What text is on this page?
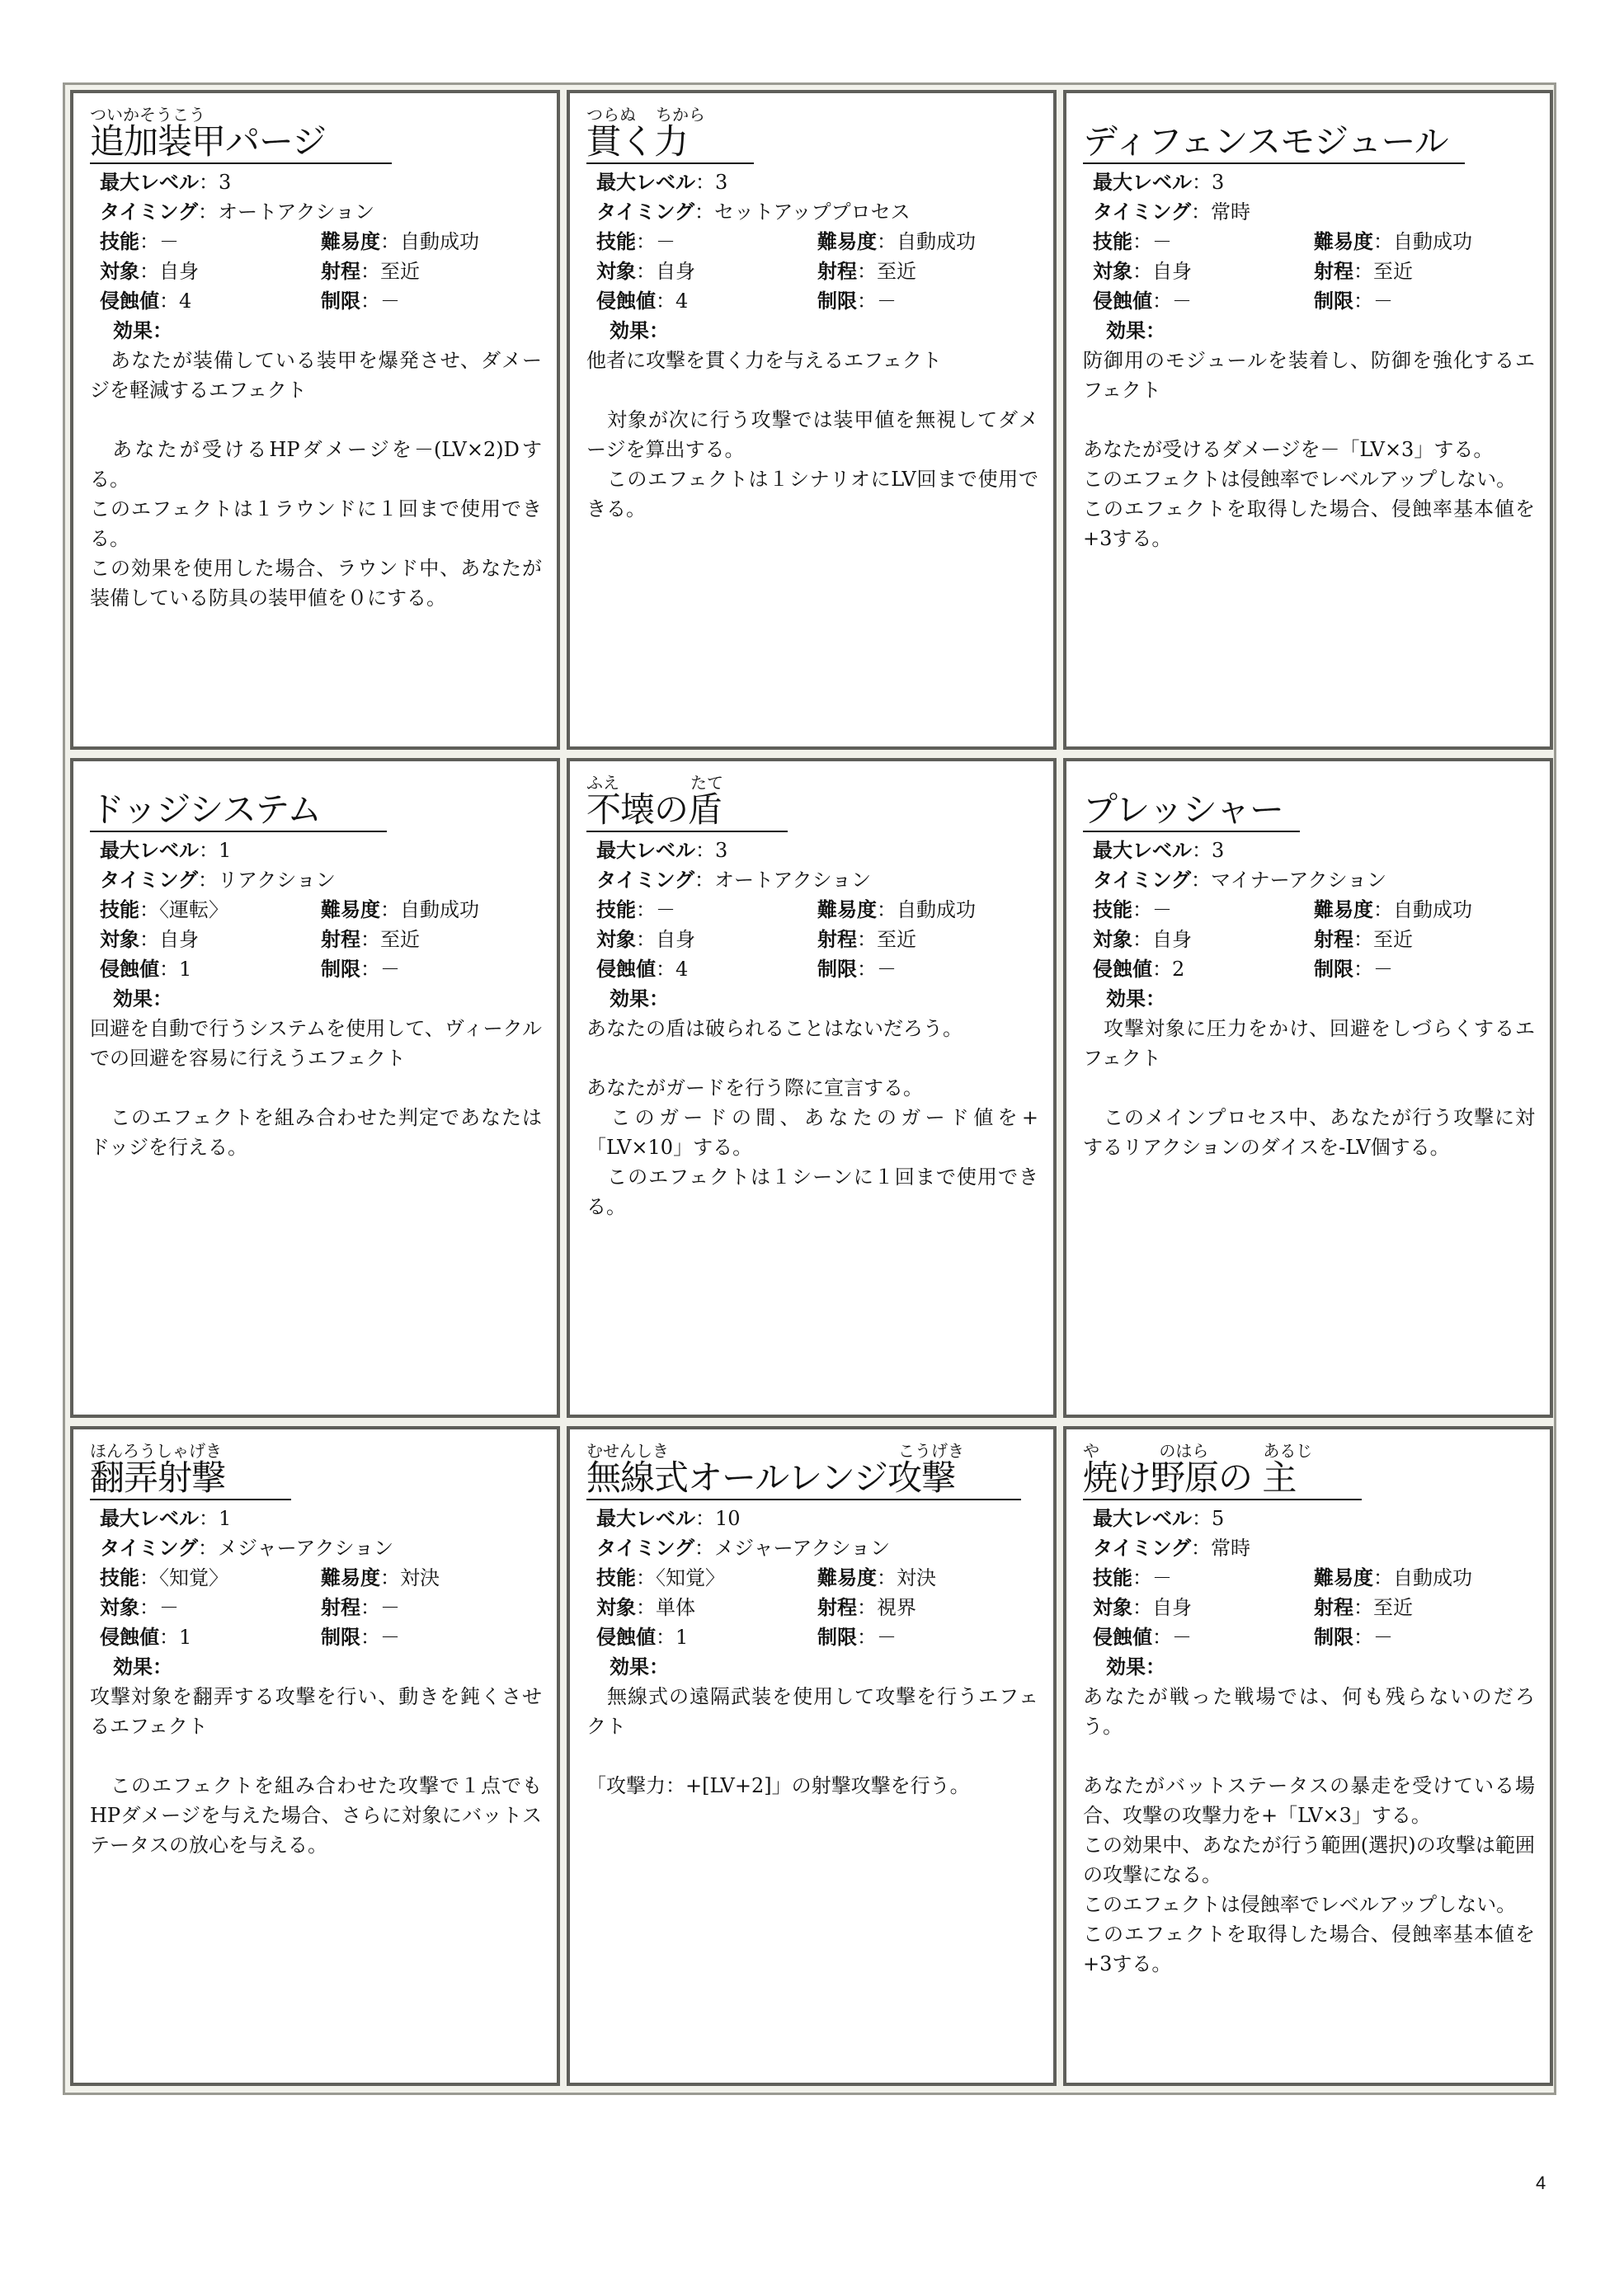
ついかそうこう
追加装甲パージ
最大レベル ： 3
タイミング ： オートアクション
技能：－	難易度：自動成功
対象：自身	射程：至近
侵蝕値：4	制限：－
効果：

　あなたが装備している装甲を爆発させ、ダメージを軽減するエフェクト

　あなたが受けるHPダメージを－(LV×2)Dする。

このエフェクトは１ラウンドに１回まで使用できる。

この効果を使用した場合、ラウンド中、あなたが装備している防具の装甲値を０にする。

つらぬ ちから
貫く力
最大レベル ： 3
タイミング ： セットアッププロセス
技能：－	難易度：自動成功
対象：自身	射程：至近
侵蝕値：4	制限：－
効果：

他者に攻撃を貫く力を与えるエフェクト

　対象が次に行う攻撃では装甲値を無視してダメージを算出する。

　このエフェクトは１シナリオにLV回まで使用できる。

ディフェンスモジュール
最大レベル ： 3
タイミング ： 常時
技能：－	難易度：自動成功
対象：自身	射程：至近
侵蝕値：－	制限：－
効果：

防御用のモジュールを装着し、防御を強化するエフェクト

あなたが受けるダメージを－「LV×3」する。

このエフェクトは侵蝕率でレベルアップしない。

このエフェクトを取得した場合、侵蝕率基本値を+3する。

ドッジシステム
最大レベル ： 1
タイミング ： リアクション
技能：〈運転〉	難易度：自動成功
対象：自身	射程：至近
侵蝕値：1	制限：－
効果：

回避を自動で行うシステムを使用して、ヴィークルでの回避を容易に行えうエフェクト

　このエフェクトを組み合わせた判定であなたはドッジを行える。

ふえ	たて
不壊の盾
最大レベル ： 3
タイミング ： オートアクション
技能：－	難易度：自動成功
対象：自身	射程：至近
侵蝕値：4	制限：－
効果：

あなたの盾は破られることはないだろう。

あなたがガードを行う際に宣言する。

　このガードの間、あなたのガード値を+「LV×10」する。

　このエフェクトは１シーンに１回まで使用できる。

プレッシャー
最大レベル ： 3
タイミング ： マイナーアクション
技能：－	難易度：自動成功
対象：自身	射程：至近
侵蝕値：2	制限：－
効果：

　攻撃対象に圧力をかけ、回避をしづらくするエフェクト

　このメインプロセス中、あなたが行う攻撃に対するリアクションのダイスを-LV個する。

ほんろうしゃげき
翻弄射撃
最大レベル ： 1
タイミング ： メジャーアクション
技能：〈知覚〉	難易度：対決
対象：－	射程：－
侵蝕値：1	制限：－
効果：

攻撃対象を翻弄する攻撃を行い、動きを鈍くさせるエフェクト

　このエフェクトを組み合わせた攻撃で１点でもHPダメージを与えた場合、さらに対象にバットステータスの放心を与える。

むせんしき	こうげき
無線式オールレンジ攻撃
最大レベル ： 10
タイミング ： メジャーアクション
技能：〈知覚〉	難易度：対決
対象：単体	射程：視界
侵蝕値：1	制限：－
効果：

　無線式の遠隔武装を使用して攻撃を行うエフェクト

「攻撃力：+[LV+2]」の射撃攻撃を行う。

や	のはら	あるじ
焼け野原の 主
最大レベル ： 5
タイミング ： 常時
技能：－	難易度：自動成功
対象：自身	射程：至近
侵蝕値：－	制限：－
効果：

あなたが戦った戦場では、何も残らないのだろう。

あなたがバットステータスの暴走を受けている場合、攻撃の攻撃力を+「LV×3」する。

この効果中、あなたが行う範囲(選択)の攻撃は範囲の攻撃になる。

このエフェクトは侵蝕率でレベルアップしない。

このエフェクトを取得した場合、侵蝕率基本値を+3する。

4
